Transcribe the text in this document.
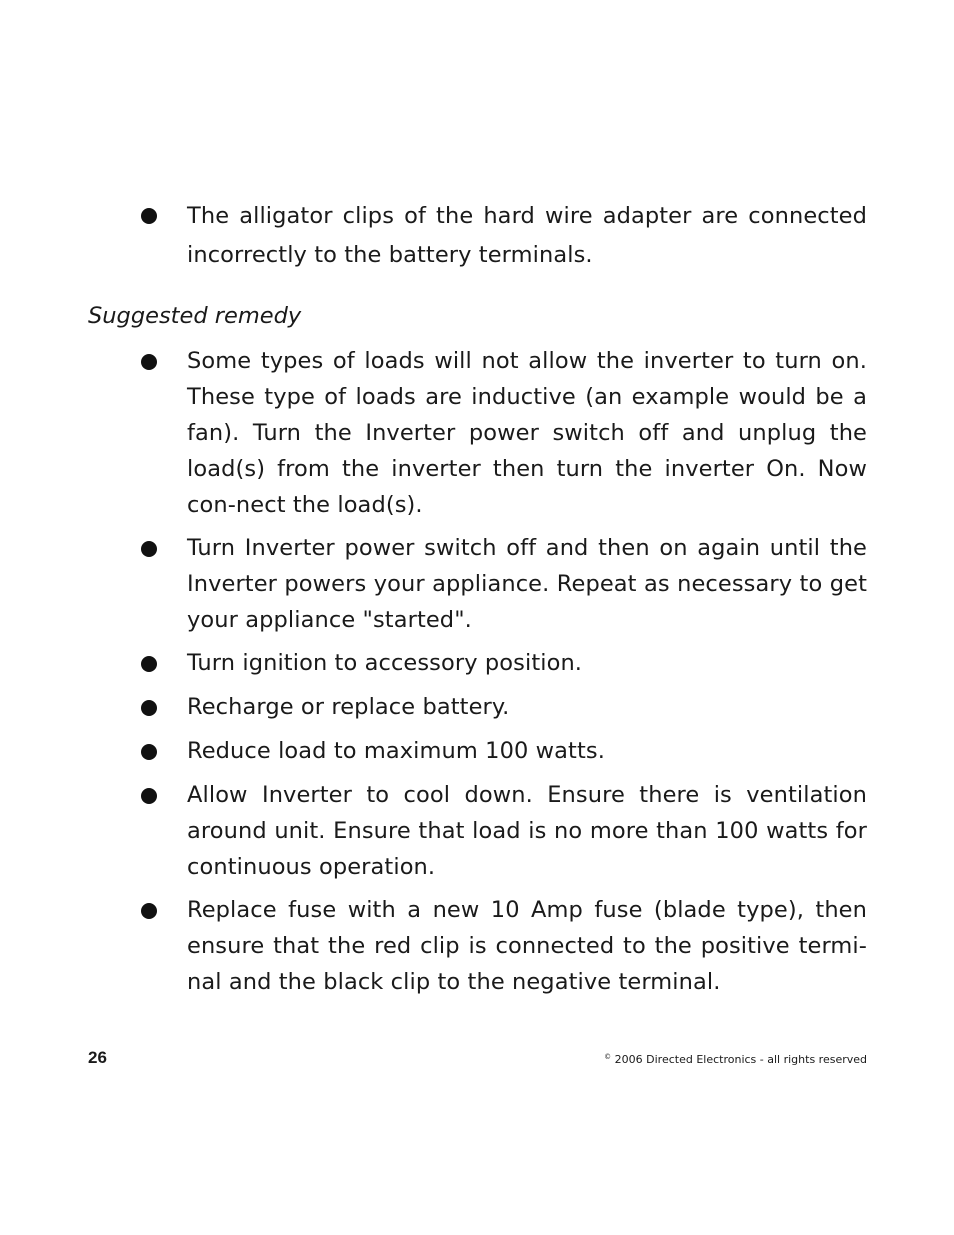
The alligator clips of the hard wire adapter are connected incorrectly to the battery terminals.
Suggested remedy
Some types of loads will not allow the inverter to turn on. These type of loads are inductive (an example would be a fan). Turn the Inverter power switch off and unplug the load(s) from the inverter then turn the inverter On. Now con-nect the load(s).
Turn Inverter power switch off and then on again until the Inverter powers your appliance. Repeat as necessary to get your appliance "started".
Turn ignition to accessory position.
Recharge or replace battery.
Reduce load to maximum 100 watts.
Allow Inverter to cool down. Ensure there is ventilation around unit. Ensure that load is no more than 100 watts for continuous operation.
Replace fuse with a new 10 Amp fuse (blade type), then ensure that the red clip is connected to the positive termi-nal and the black clip to the negative terminal.
26	© 2006 Directed Electronics - all rights reserved
